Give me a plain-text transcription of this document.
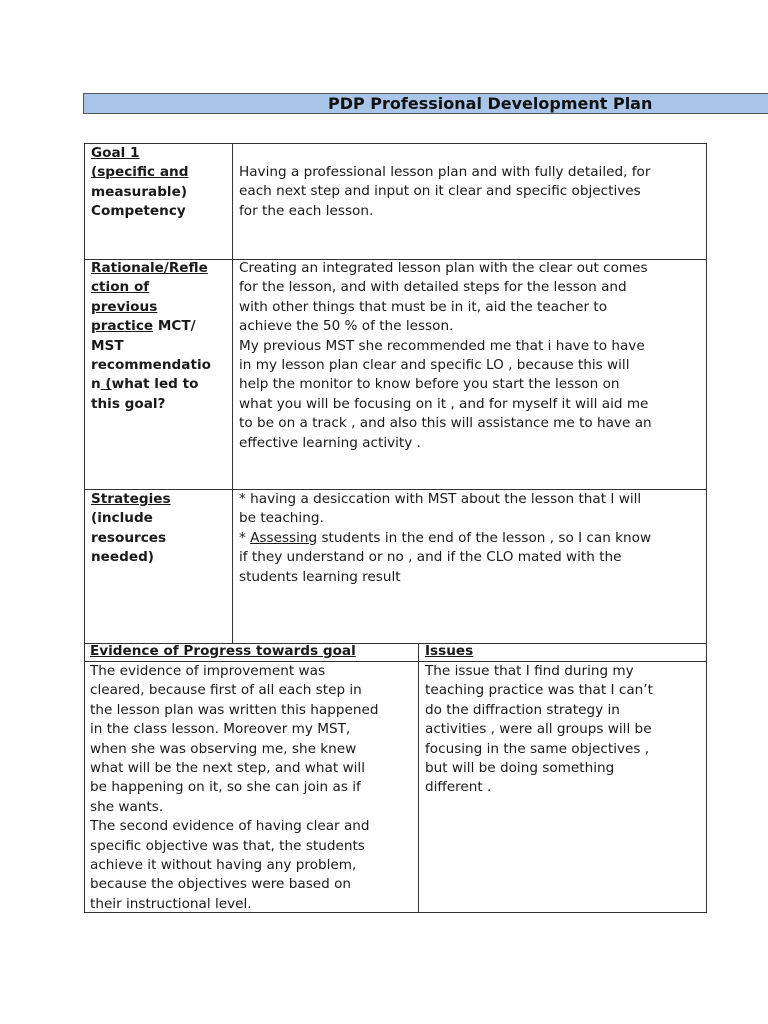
PDP Professional Development Plan
Goal 1
(specific and
measurable)
Competency
Having a professional lesson plan and with fully detailed, for
each next step and input on it clear and specific objectives
for the each lesson.
Rationale/Refle
ction of
previous
practice MCT/
MST
recommendatio
n (what led to
this goal?
Creating an integrated lesson plan with the clear out comes
for the lesson, and with detailed steps for the lesson and
with other things that must be in it, aid the teacher to
achieve the 50 % of the lesson.
My previous MST she recommended me that i have to have
in my lesson plan clear and specific LO , because this will
help the monitor to know before you start the lesson on
what you will be focusing on it , and for myself it will aid me
to be on a track , and also this will assistance me to have an
effective learning activity .
Strategies
(include
resources
needed)
* having a desiccation with MST about the lesson that I will
be teaching.
* Assessing students in the end of the lesson , so I can know
if they understand or no , and if the CLO mated with the
students learning result
Evidence of Progress towards goal	Issues
The evidence of improvement was
cleared, because first of all each step in
the lesson plan was written this happened
in the class lesson. Moreover my MST,
when she was observing me, she knew
what will be the next step, and what will
be happening on it, so she can join as if
she wants.
The second evidence of having clear and
specific objective was that, the students
achieve it without having any problem,
because the objectives were based on
their instructional level.
The issue that I find during my
teaching practice was that I can’t
do the diffraction strategy in
activities , were all groups will be
focusing in the same objectives ,
but will be doing something
different .
